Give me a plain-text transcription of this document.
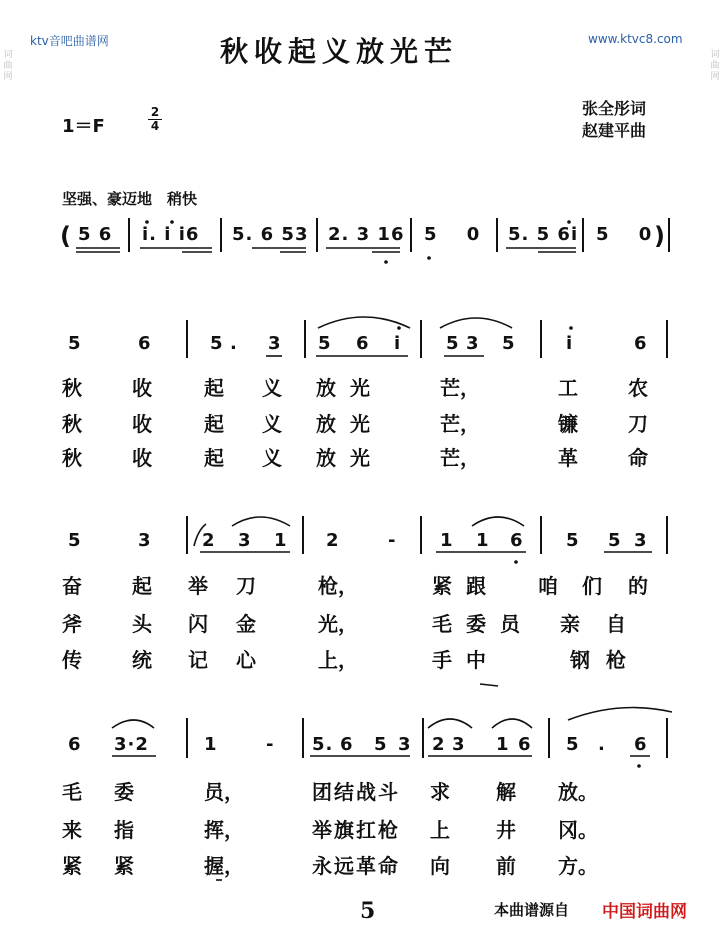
ktv音吧曲谱网	www.ktvc8.com
秋收起义放光芒
词曲网
词曲网
1＝F	$\frac{2}{4}$	张全彤词
赵建平曲
坚强、豪迈地　稍快
( 5 6 i. i i6 5. 6 53 2. 3 16 5 0 5. 5 6i 5 0 )
5	6	5 . 3 5 6 i 5 3 5	i	6
秋	收	起 义 放 光	芒，	工	农
秋	收	起 义 放 光	芒，	镰	刀
秋	收	起 义 放 光	芒，	革	命
5	3	2 3 1 2	- 1 1 6 5 5 3
奋	起 举 刀	枪，	紧 跟	咱 们 的
斧	头 闪 金	光，	毛 委 员 亲 自
传	统 记 心	上，	手 中	钢 枪
6 3·2	1	- 5. 6 5 3 2 3 1 6 5 . 6
毛 委	员，	团 结 战 斗 求 解 放。
来 指	挥，	举 旗 扛 枪 上 井 冈。
紧 紧	握，	永 远 革 命 向 前 方。
5	本曲谱源自 中国词曲网
